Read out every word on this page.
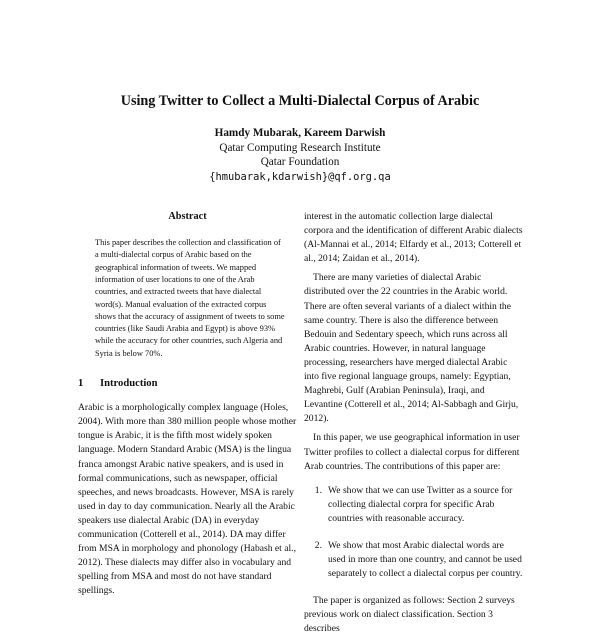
Using Twitter to Collect a Multi-Dialectal Corpus of Arabic
Hamdy Mubarak, Kareem Darwish
Qatar Computing Research Institute
Qatar Foundation
{hmubarak,kdarwish}@qf.org.qa
Abstract

This paper describes the collection and classification of a multi-dialectal corpus of Arabic based on the geographical information of tweets. We mapped information of user locations to one of the Arab countries, and extracted tweets that have dialectal word(s). Manual evaluation of the extracted corpus shows that the accuracy of assignment of tweets to some countries (like Saudi Arabia and Egypt) is above 93% while the accuracy for other countries, such Algeria and Syria is below 70%.

1 Introduction

Arabic is a morphologically complex language (Holes, 2004). With more than 380 million people whose mother tongue is Arabic, it is the fifth most widely spoken language. Modern Standard Arabic (MSA) is the lingua franca amongst Arabic native speakers, and is used in formal communications, such as newspaper, official speeches, and news broadcasts. However, MSA is rarely used in day to day communication. Nearly all the Arabic speakers use dialectal Arabic (DA) in everyday communication (Cotterell et al., 2014). DA may differ from MSA in morphology and phonology (Habash et al., 2012). These dialects may differ also in vocabulary and spelling from MSA and most do not have standard spellings.

interest in the automatic collection large dialectal corpora and the identification of different Arabic dialects (Al-Mannai et al., 2014; Elfardy et al., 2013; Cotterell et al., 2014; Zaidan et al., 2014).

There are many varieties of dialectal Arabic distributed over the 22 countries in the Arabic world. There are often several variants of a dialect within the same country. There is also the difference between Bedouin and Sedentary speech, which runs across all Arabic countries. However, in natural language processing, researchers have merged dialectal Arabic into five regional language groups, namely: Egyptian, Maghrebi, Gulf (Arabian Peninsula), Iraqi, and Levantine (Cotterell et al., 2014; Al-Sabbagh and Girju, 2012).

In this paper, we use geographical information in user Twitter profiles to collect a dialectal corpus for different Arab countries. The contributions of this paper are:

1. We show that we can use Twitter as a source for collecting dialectal corpra for specific Arab countries with reasonable accuracy.
2. We show that most Arabic dialectal words are used in more than one country, and cannot be used separately to collect a dialectal corpus per country.

The paper is organized as follows: Section 2 surveys previous work on dialect classification. Section 3 describes
